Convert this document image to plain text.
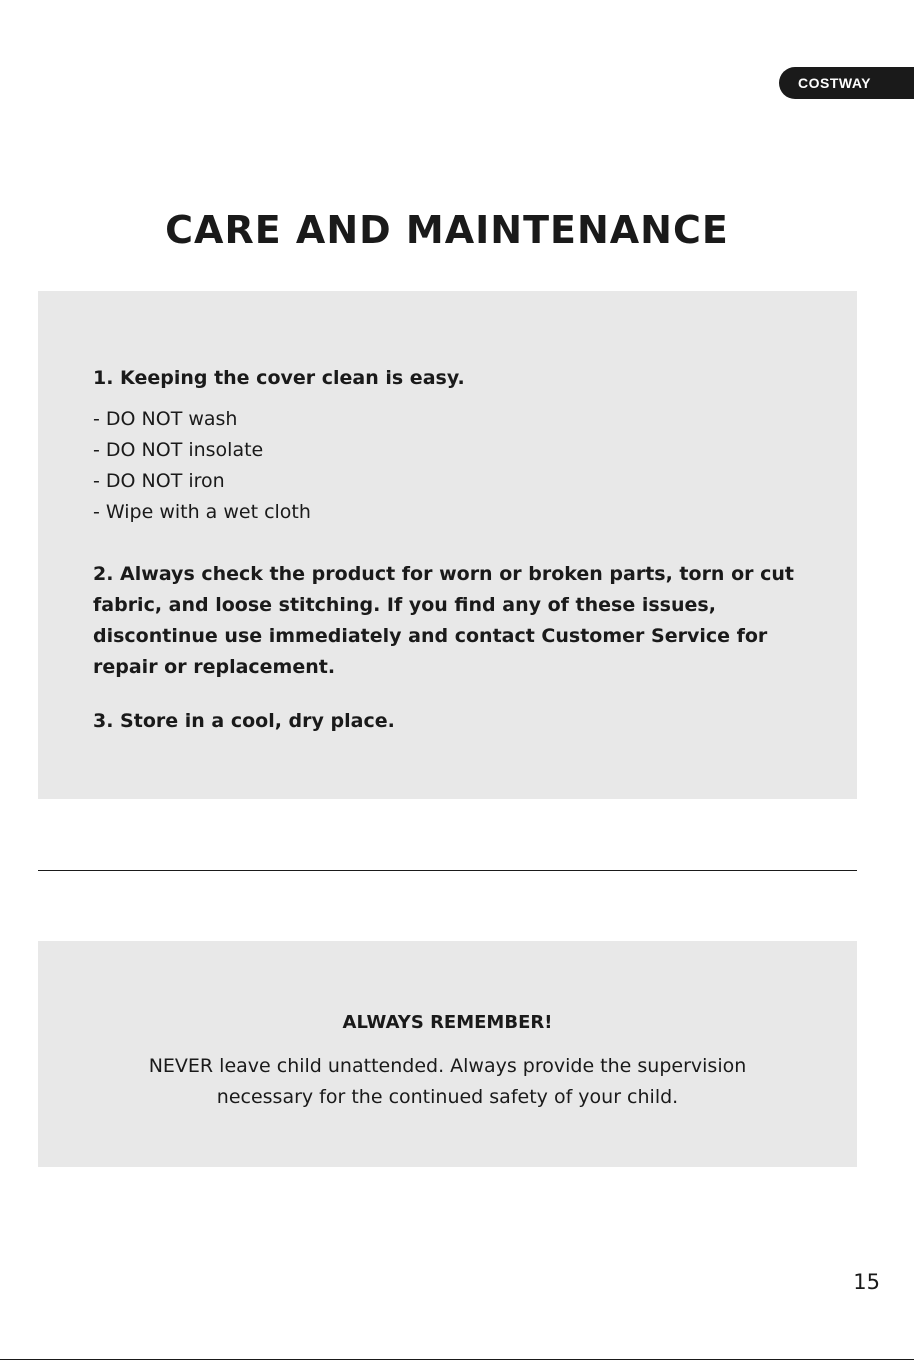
COSTWAY
CARE AND MAINTENANCE

1. Keeping the cover clean is easy.

- DO NOT wash
- DO NOT insolate
- DO NOT iron
- Wipe with a wet cloth

2. Always check the product for worn or broken parts, torn or cut fabric, and loose stitching. If you find any of these issues, discontinue use immediately and contact Customer Service for repair or replacement.

3. Store in a cool, dry place.

ALWAYS REMEMBER!
NEVER leave child unattended. Always provide the supervision necessary for the continued safety of your child.
15
